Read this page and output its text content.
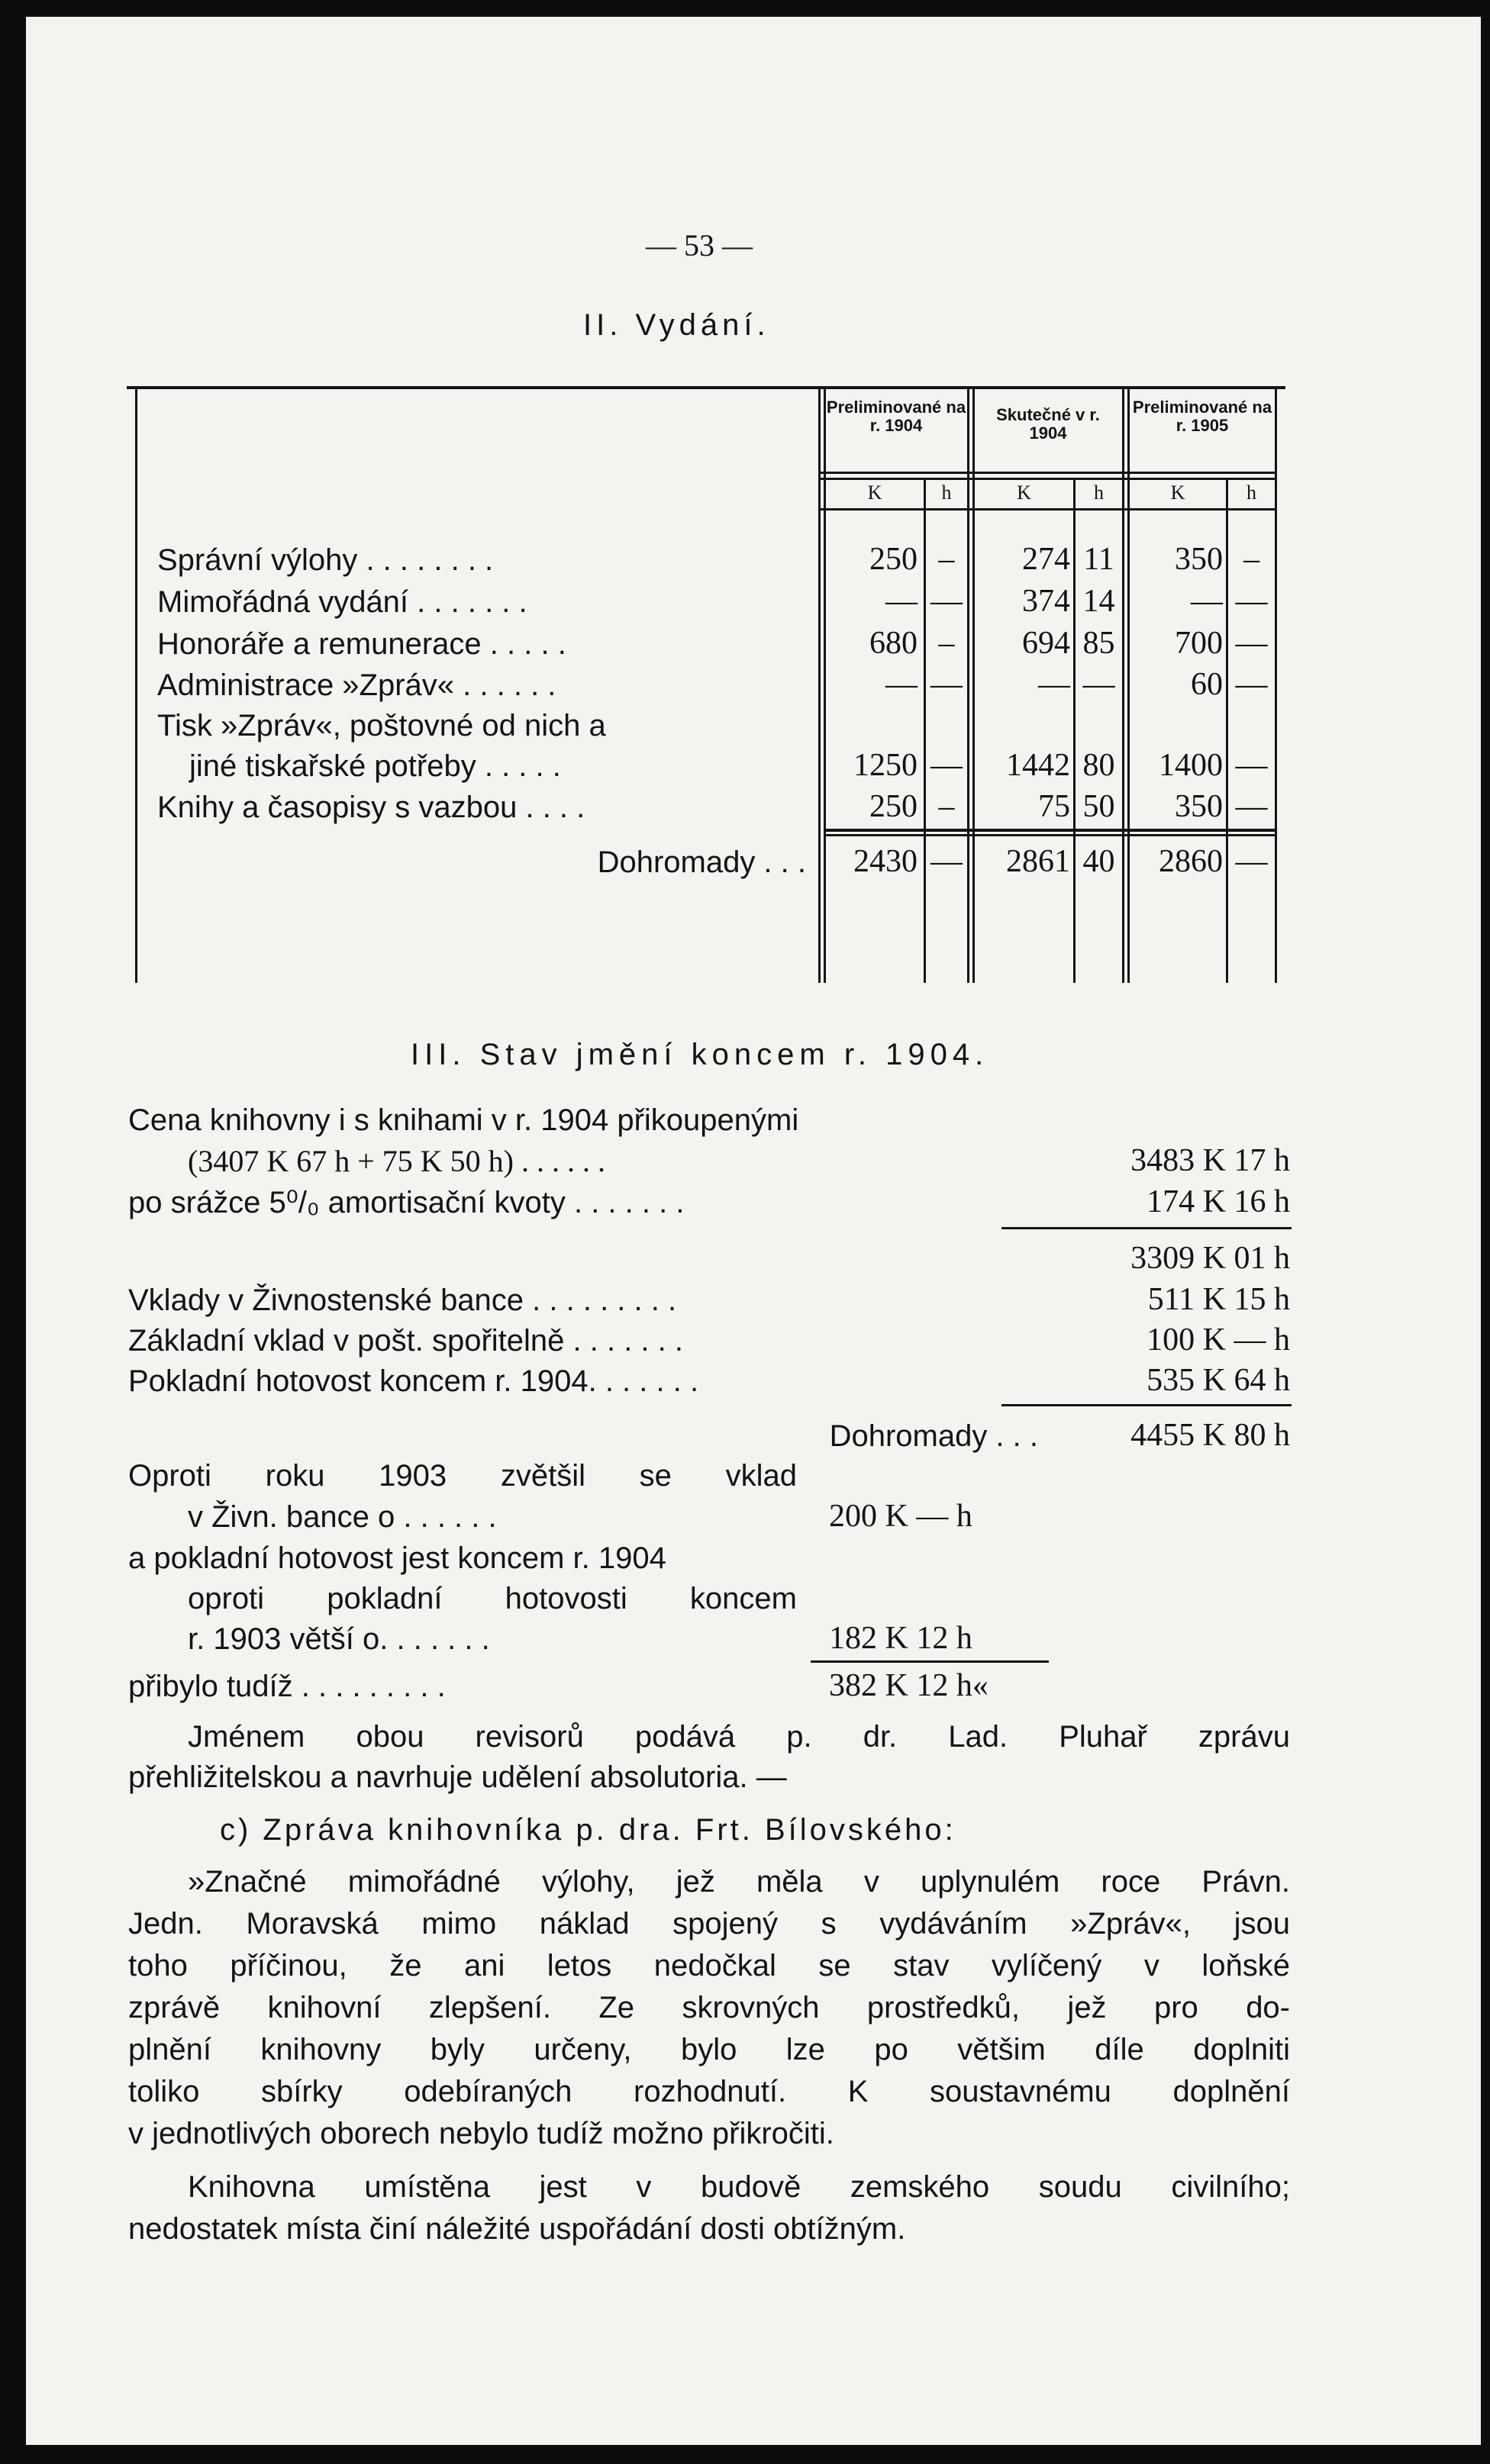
— 53 —
II. Vydání.
Preliminované na r. 1904
Skutečné v r. 1904
Preliminované na r. 1905
K	h	K	h	K	h
Správní výlohy . . . . . . . .	250 –	274 11	350 –
Mimořádná vydání . . . . . . .	— —	374 14	— —
Honoráře a remunerace . . . . .	680 –	694 85	700 —
Administrace »Zpráv« . . . . . .	— —	— —	60 —
Tisk »Zpráv«, poštovné od nich a
jiné tiskařské potřeby . . . . .	1250 —	1442 80	1400 —
Knihy a časopisy s vazbou . . . .	250 –	75 50	350 —
Dohromady . . .	2430 —	2861 40	2860 —
III. Stav jmění koncem r. 1904.
Cena knihovny i s knihami v r. 1904 přikoupenými
(3407 K 67 h + 75 K 50 h) . . . . . .	3483 K 17 h
po srážce 5⁰/₀ amortisační kvoty . . . . . . .	174 K 16 h
3309 K 01 h
Vklady v Živnostenské bance . . . . . . . . .	511 K 15 h
Základní vklad v pošt. spořitelně . . . . . . .	100 K — h
Pokladní hotovost koncem r. 1904. . . . . . .	535 K 64 h
Dohromady . . .	4455 K 80 h
Oproti roku 1903 zvětšil se vklad
v Živn. bance o . . . . . .	200 K — h
a pokladní hotovost jest koncem r. 1904
oproti pokladní hotovosti koncem
r. 1903 větší o. . . . . . .	182 K 12 h
přibylo tudíž . . . . . . . . .	382 K 12 h«
Jménem obou revisorů podává p. dr. Lad. Pluhař zprávu
přehližitelskou a navrhuje udělení absolutoria. —
c) Zpráva knihovníka p. dra. Frt. Bílovského:
»Značné mimořádné výlohy, jež měla v uplynulém roce Právn.
Jedn. Moravská mimo náklad spojený s vydáváním »Zpráv«, jsou
toho příčinou, že ani letos nedočkal se stav vylíčený v loňské
zprávě knihovní zlepšení. Ze skrovných prostředků, jež pro do-
plnění knihovny byly určeny, bylo lze po většim díle doplniti
toliko sbírky odebíraných rozhodnutí. K soustavnému doplnění
v jednotlivých oborech nebylo tudíž možno přikročiti.
Knihovna umístěna jest v budově zemského soudu civilního;
nedostatek místa činí náležité uspořádání dosti obtížným.
